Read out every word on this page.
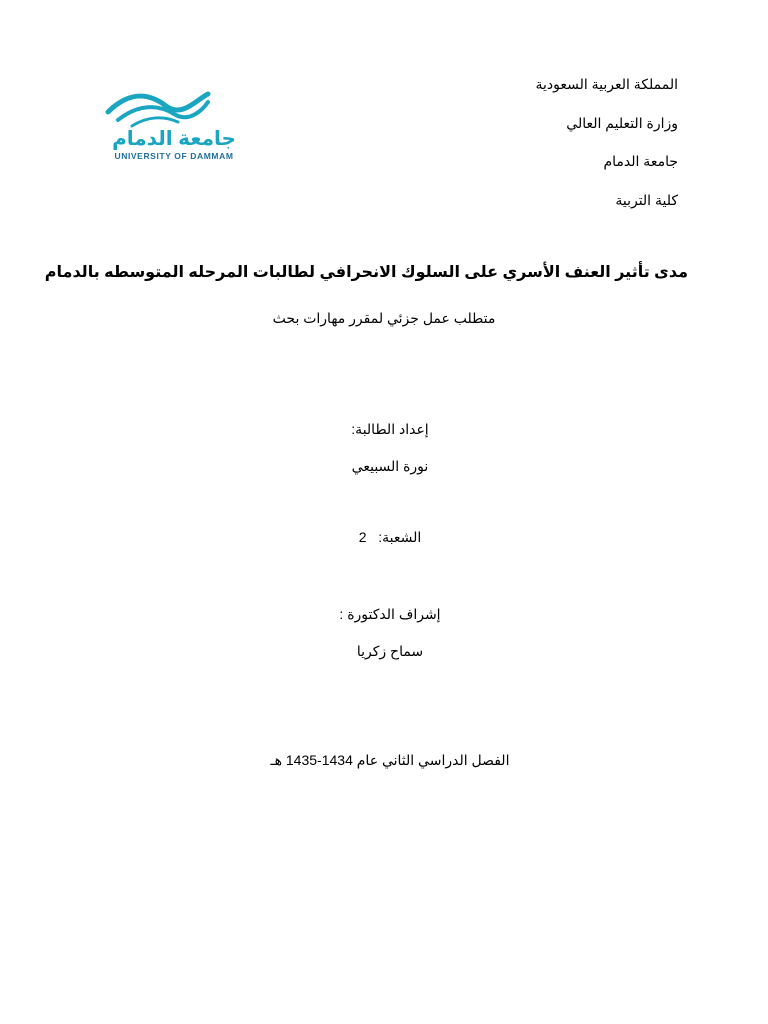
جامعة الدمام
UNIVERSITY OF DAMMAM
المملكة العربية السعودية
وزارة التعليم العالي
جامعة الدمام
كلية التربية
مدى تأثير العنف الأسري على السلوك الانحرافي لطالبات المرحله المتوسطه بالدمام
متطلب عمل جزئي لمقرر مهارات بحث
إعداد الطالبة:
نورة السبيعي
الشعبة:   2
إشراف الدكتورة :
سماح زكريا
الفصل الدراسي الثاني عام 1434-1435 هـ
